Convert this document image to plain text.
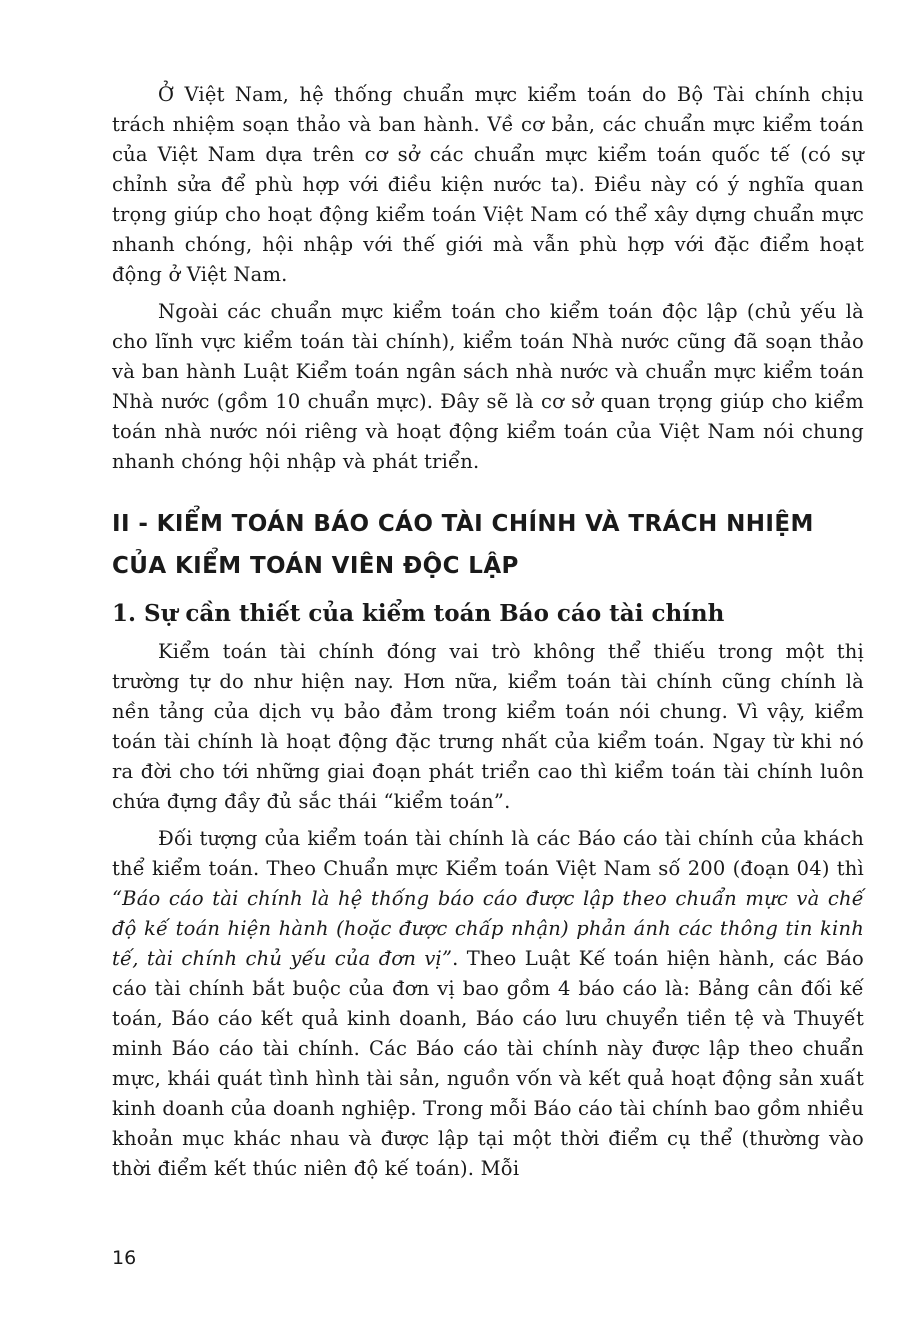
Ở Việt Nam, hệ thống chuẩn mực kiểm toán do Bộ Tài chính chịu trách nhiệm soạn thảo và ban hành. Về cơ bản, các chuẩn mực kiểm toán của Việt Nam dựa trên cơ sở các chuẩn mực kiểm toán quốc tế (có sự chỉnh sửa để phù hợp với điều kiện nước ta). Điều này có ý nghĩa quan trọng giúp cho hoạt động kiểm toán Việt Nam có thể xây dựng chuẩn mực nhanh chóng, hội nhập với thế giới mà vẫn phù hợp với đặc điểm hoạt động ở Việt Nam.

Ngoài các chuẩn mực kiểm toán cho kiểm toán độc lập (chủ yếu là cho lĩnh vực kiểm toán tài chính), kiểm toán Nhà nước cũng đã soạn thảo và ban hành Luật Kiểm toán ngân sách nhà nước và chuẩn mực kiểm toán Nhà nước (gồm 10 chuẩn mực). Đây sẽ là cơ sở quan trọng giúp cho kiểm toán nhà nước nói riêng và hoạt động kiểm toán của Việt Nam nói chung nhanh chóng hội nhập và phát triển.

II - KIỂM TOÁN BÁO CÁO TÀI CHÍNH VÀ TRÁCH NHIỆM CỦA KIỂM TOÁN VIÊN ĐỘC LẬP
1. Sự cần thiết của kiểm toán Báo cáo tài chính

Kiểm toán tài chính đóng vai trò không thể thiếu trong một thị trường tự do như hiện nay. Hơn nữa, kiểm toán tài chính cũng chính là nền tảng của dịch vụ bảo đảm trong kiểm toán nói chung. Vì vậy, kiểm toán tài chính là hoạt động đặc trưng nhất của kiểm toán. Ngay từ khi nó ra đời cho tới những giai đoạn phát triển cao thì kiểm toán tài chính luôn chứa đựng đầy đủ sắc thái “kiểm toán”.

Đối tượng của kiểm toán tài chính là các Báo cáo tài chính của khách thể kiểm toán. Theo Chuẩn mực Kiểm toán Việt Nam số 200 (đoạn 04) thì “Báo cáo tài chính là hệ thống báo cáo được lập theo chuẩn mực và chế độ kế toán hiện hành (hoặc được chấp nhận) phản ánh các thông tin kinh tế, tài chính chủ yếu của đơn vị”. Theo Luật Kế toán hiện hành, các Báo cáo tài chính bắt buộc của đơn vị bao gồm 4 báo cáo là: Bảng cân đối kế toán, Báo cáo kết quả kinh doanh, Báo cáo lưu chuyển tiền tệ và Thuyết minh Báo cáo tài chính. Các Báo cáo tài chính này được lập theo chuẩn mực, khái quát tình hình tài sản, nguồn vốn và kết quả hoạt động sản xuất kinh doanh của doanh nghiệp. Trong mỗi Báo cáo tài chính bao gồm nhiều khoản mục khác nhau và được lập tại một thời điểm cụ thể (thường vào thời điểm kết thúc niên độ kế toán). Mỗi

16
